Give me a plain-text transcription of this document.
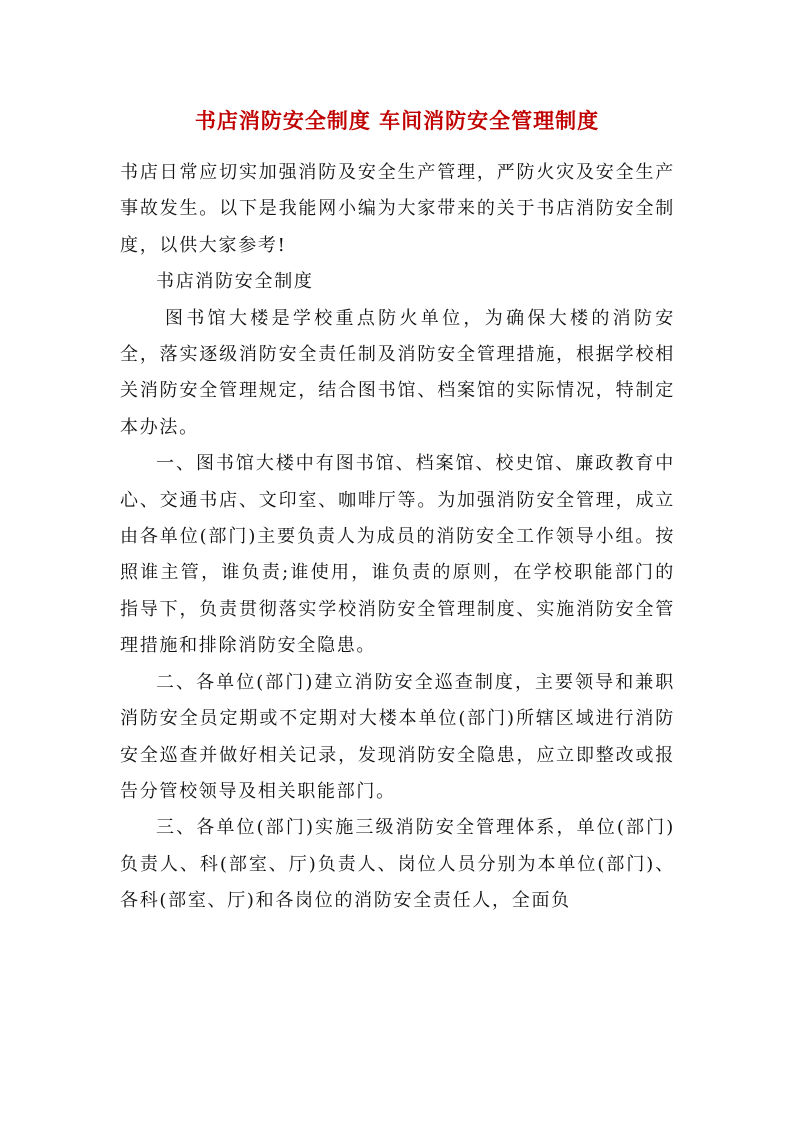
书店消防安全制度 车间消防安全管理制度

书店日常应切实加强消防及安全生产管理，严防火灾及安全生产事故发生。以下是我能网小编为大家带来的关于书店消防安全制度，以供大家参考!

书店消防安全制度

图书馆大楼是学校重点防火单位，为确保大楼的消防安全，落实逐级消防安全责任制及消防安全管理措施，根据学校相关消防安全管理规定，结合图书馆、档案馆的实际情况，特制定本办法。

一、图书馆大楼中有图书馆、档案馆、校史馆、廉政教育中心、交通书店、文印室、咖啡厅等。为加强消防安全管理，成立由各单位(部门)主要负责人为成员的消防安全工作领导小组。按照谁主管，谁负责;谁使用，谁负责的原则，在学校职能部门的指导下，负责贯彻落实学校消防安全管理制度、实施消防安全管理措施和排除消防安全隐患。

二、各单位(部门)建立消防安全巡查制度，主要领导和兼职消防安全员定期或不定期对大楼本单位(部门)所辖区域进行消防安全巡查并做好相关记录，发现消防安全隐患，应立即整改或报告分管校领导及相关职能部门。

三、各单位(部门)实施三级消防安全管理体系，单位(部门)负责人、科(部室、厅)负责人、岗位人员分别为本单位(部门)、各科(部室、厅)和各岗位的消防安全责任人，全面负
